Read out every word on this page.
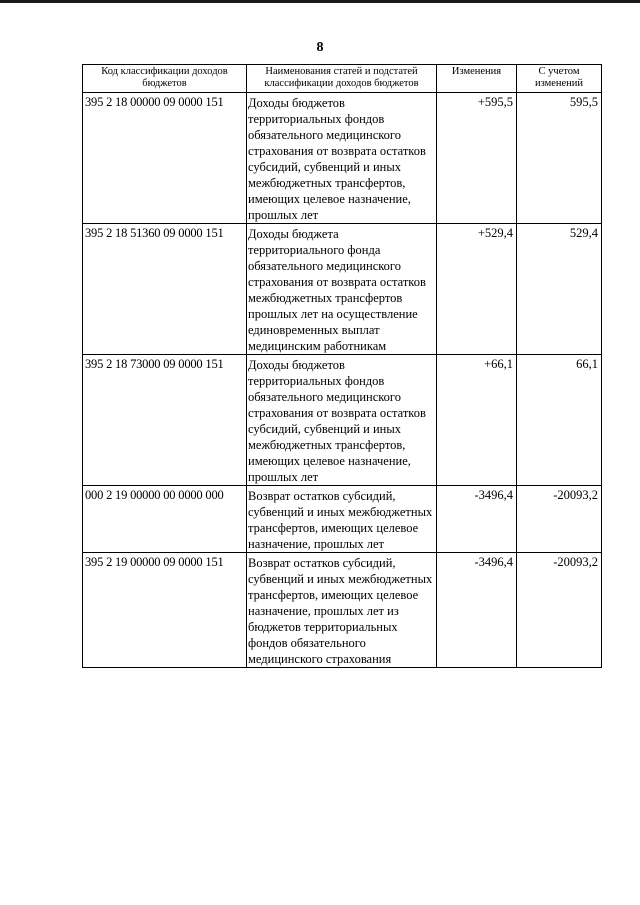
8
Код классификации доходов бюджетов	Наименования статей и подстатей классификации доходов бюджетов	Изменения	С учетом изменений
395 2 18 00000 09 0000 151	Доходы бюджетов территориальных фондов обязательного медицинского страхования от возврата остатков субсидий, субвенций и иных межбюджетных трансфертов, имеющих целевое назначение, прошлых лет	+595,5	595,5
395 2 18 51360 09 0000 151	Доходы бюджета территориального фонда обязательного медицинского страхования от возврата остатков межбюджетных трансфертов прошлых лет на осуществление единовременных выплат медицинским работникам	+529,4	529,4
395 2 18 73000 09 0000 151	Доходы бюджетов территориальных фондов обязательного медицинского страхования от возврата остатков субсидий, субвенций и иных межбюджетных трансфертов, имеющих целевое назначение, прошлых лет	+66,1	66,1
000 2 19 00000 00 0000 000	Возврат остатков субсидий, субвенций и иных межбюджетных трансфертов, имеющих целевое назначение, прошлых лет	-3496,4	-20093,2
395 2 19 00000 09 0000 151	Возврат остатков субсидий, субвенций и иных межбюджетных трансфертов, имеющих целевое назначение, прошлых лет из бюджетов территориальных фондов обязательного медицинского страхования	-3496,4	-20093,2
